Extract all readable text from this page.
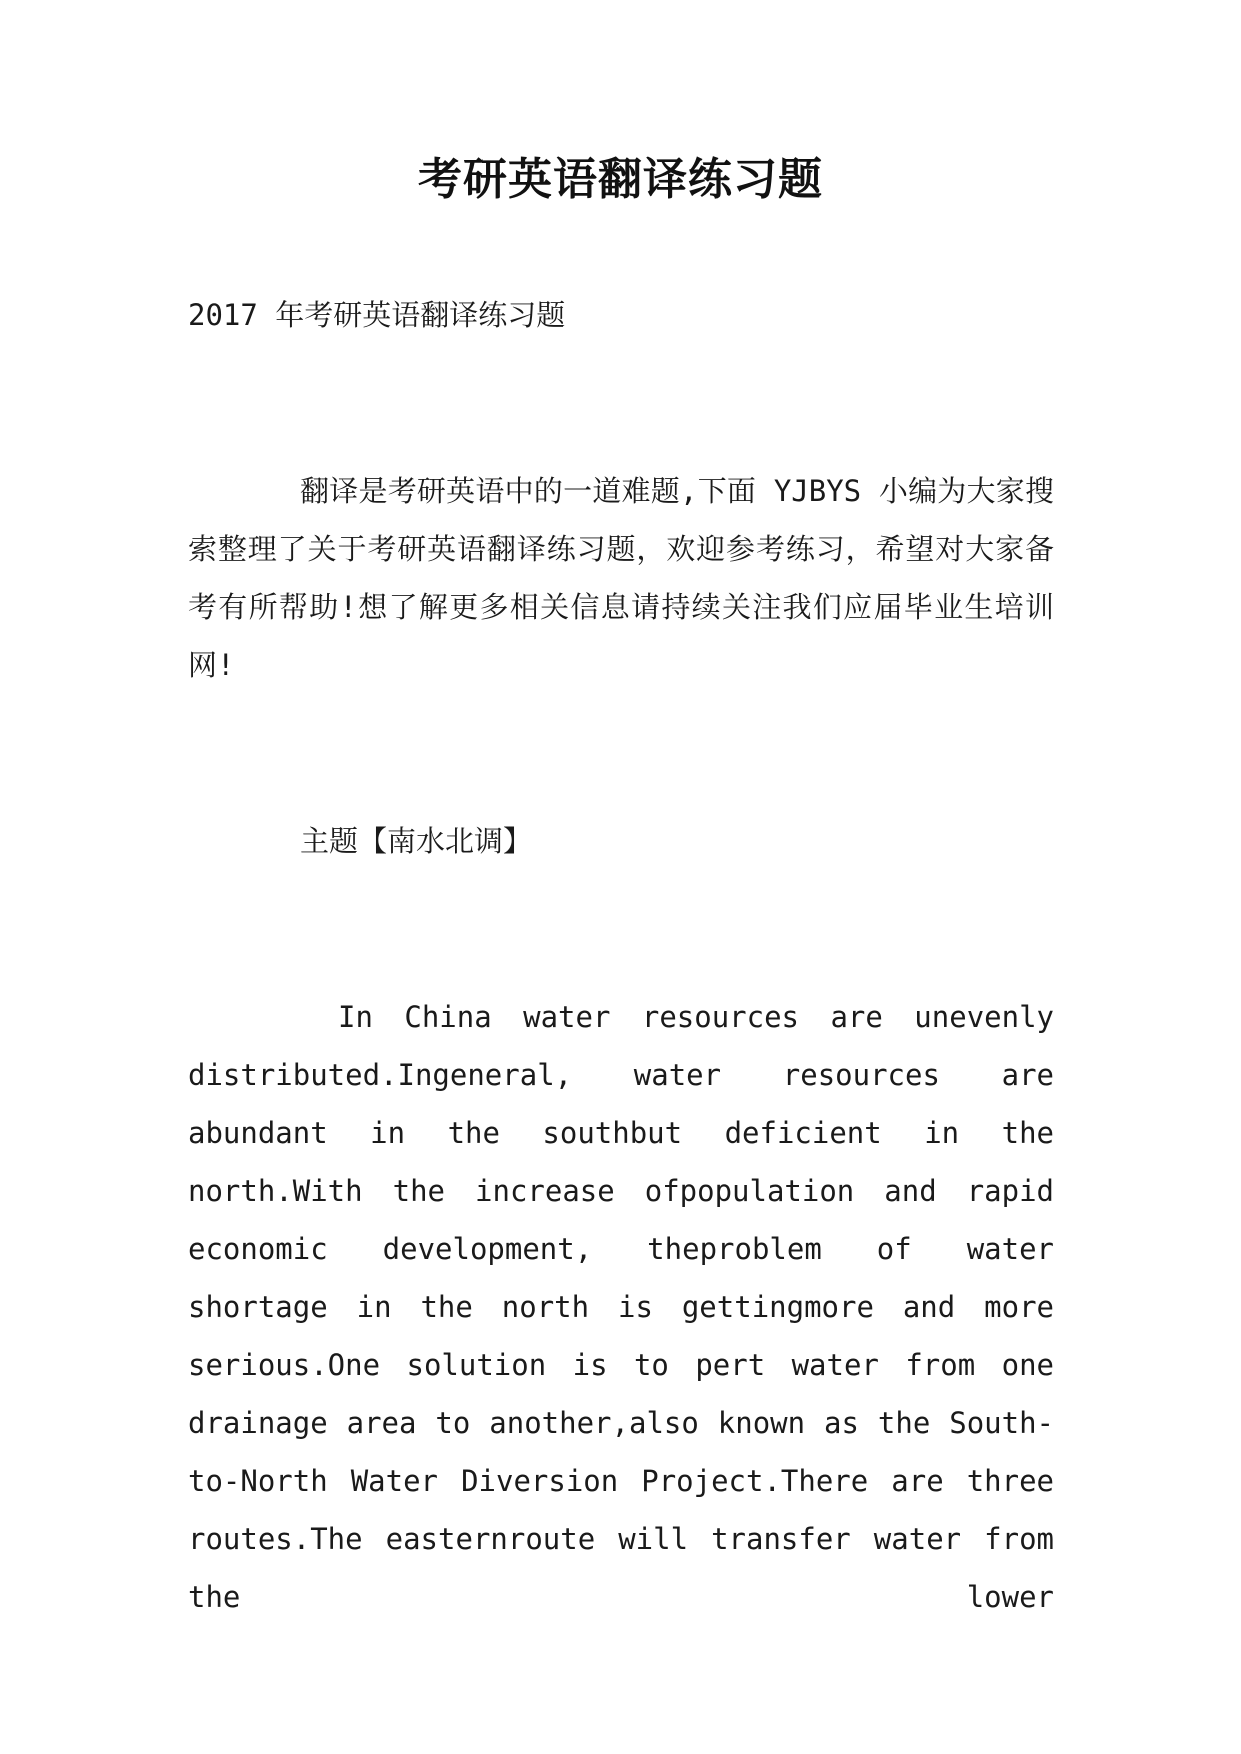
考研英语翻译练习题
2017 年考研英语翻译练习题
翻译是考研英语中的一道难题,下面 YJBYS 小编为大家搜索整理了关于考研英语翻译练习题，欢迎参考练习，希望对大家备考有所帮助!想了解更多相关信息请持续关注我们应届毕业生培训网!
主题【南水北调】
In China water resources are unevenly distributed.Ingeneral, water resources are abundant in the southbut deficient in the north.With the increase ofpopulation and rapid economic development, theproblem of water shortage in the north is gettingmore and more serious.One solution is to pert water from one drainage area to another,also known as the South-to-North Water Diversion Project.There are three routes.The easternroute will transfer water from the lower
